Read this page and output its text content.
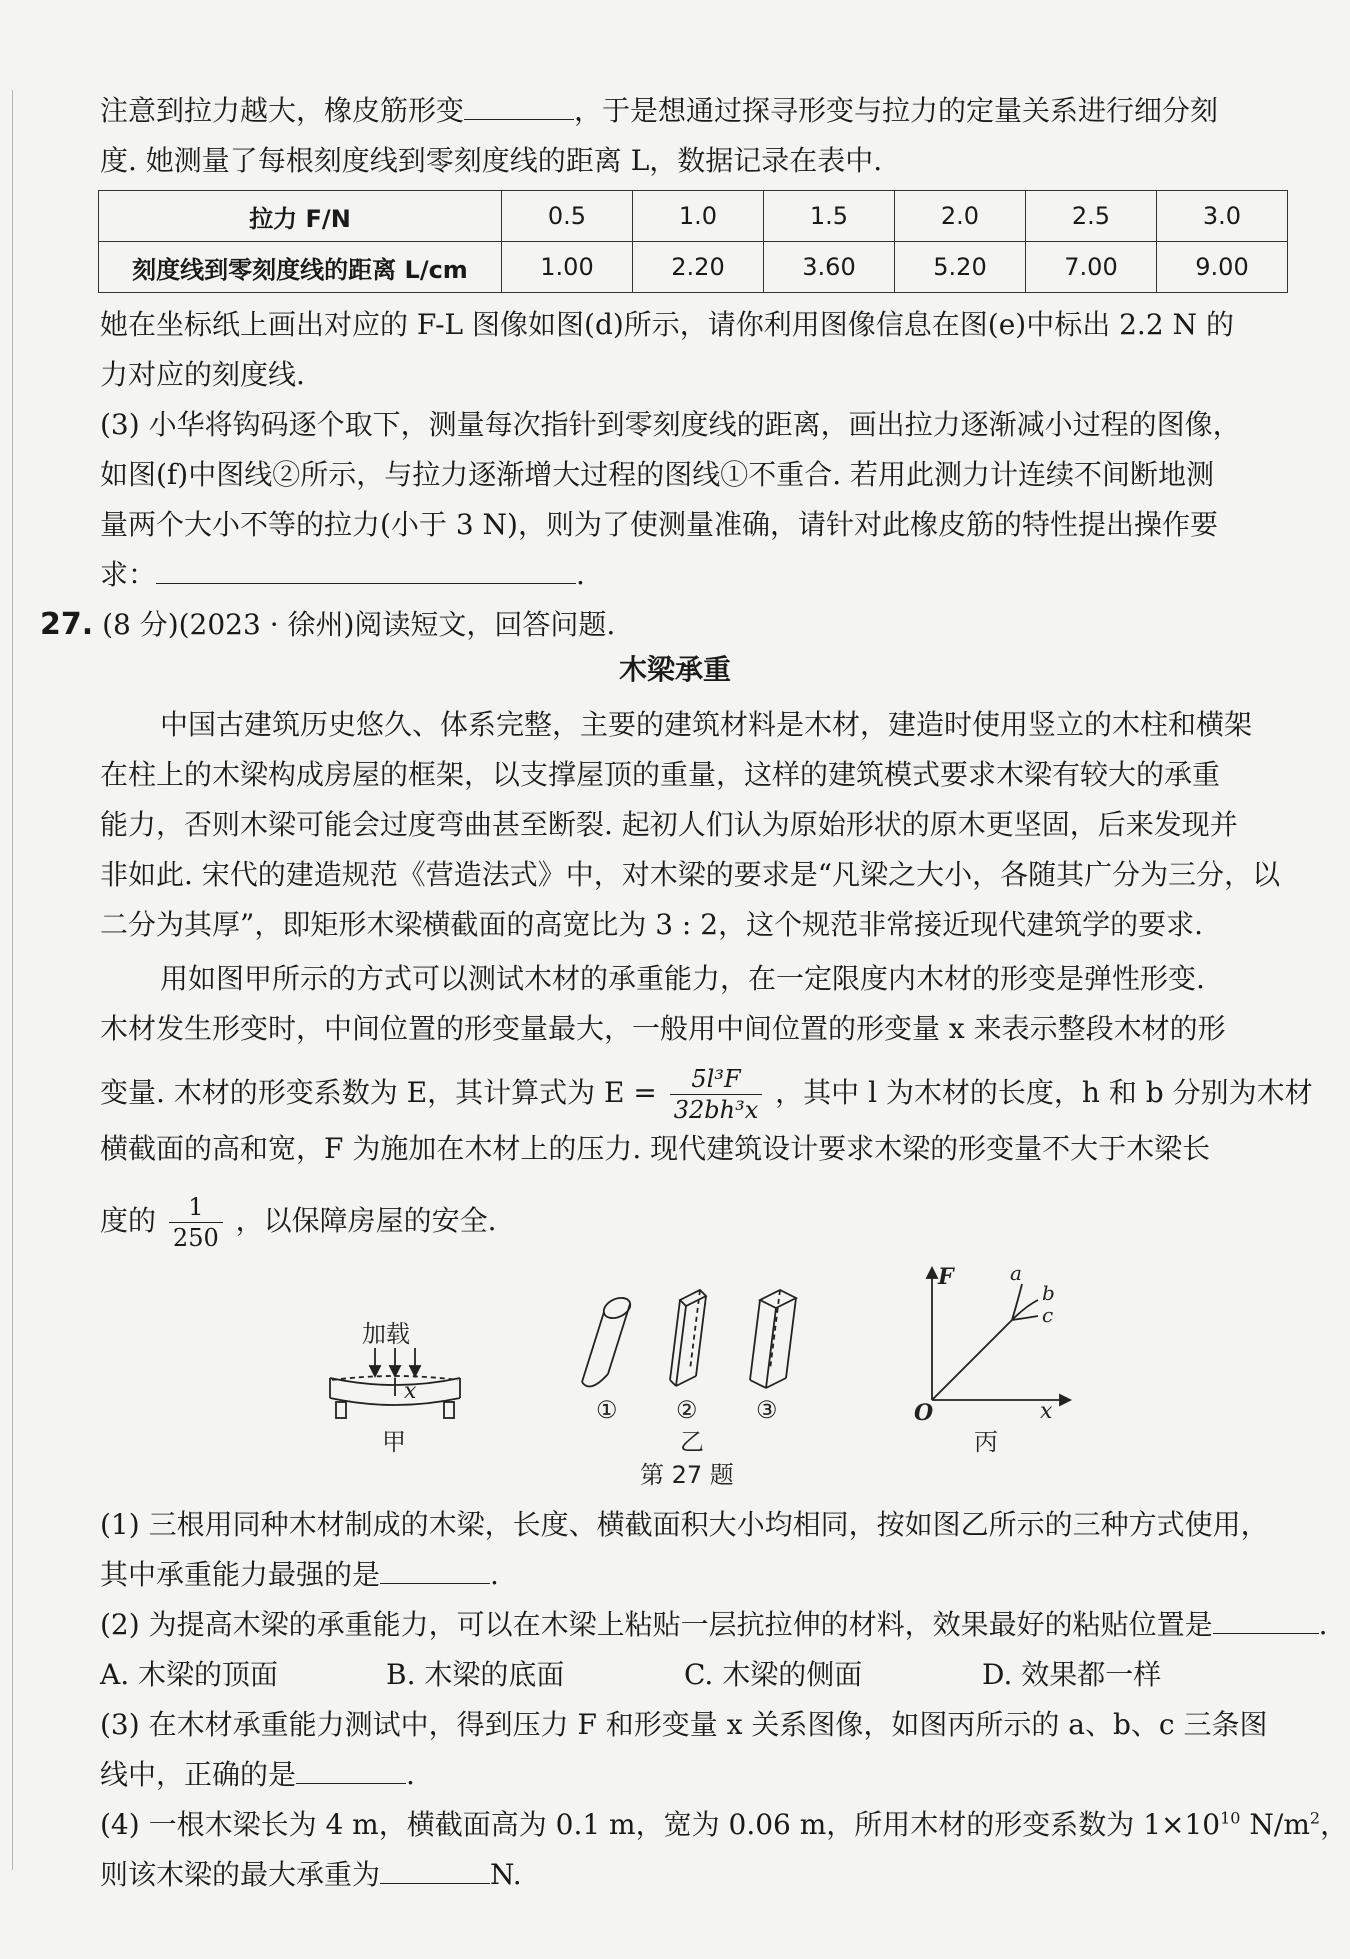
注意到拉力越大，橡皮筋形变	，于是想通过探寻形变与拉力的定量关系进行细分刻
度. 她测量了每根刻度线到零刻度线的距离 L，数据记录在表中.
拉力 F/N	0.5	1.0	1.5	2.0	2.5	3.0
刻度线到零刻度线的距离 L/cm	1.00	2.20	3.60	5.20	7.00	9.00
她在坐标纸上画出对应的 F-L 图像如图(d)所示，请你利用图像信息在图(e)中标出 2.2 N 的
力对应的刻度线.
(3) 小华将钩码逐个取下，测量每次指针到零刻度线的距离，画出拉力逐渐减小过程的图像，
如图(f)中图线②所示，与拉力逐渐增大过程的图线①不重合. 若用此测力计连续不间断地测
量两个大小不等的拉力(小于 3 N)，则为了使测量准确，请针对此橡皮筋的特性提出操作要
求：	.
27. (8 分)(2023 · 徐州)阅读短文，回答问题.
木梁承重
中国古建筑历史悠久、体系完整，主要的建筑材料是木材，建造时使用竖立的木柱和横架
在柱上的木梁构成房屋的框架，以支撑屋顶的重量，这样的建筑模式要求木梁有较大的承重
能力，否则木梁可能会过度弯曲甚至断裂. 起初人们认为原始形状的原木更坚固，后来发现并
非如此. 宋代的建造规范《营造法式》中，对木梁的要求是“凡梁之大小，各随其广分为三分，以
二分为其厚”，即矩形木梁横截面的高宽比为 3 : 2，这个规范非常接近现代建筑学的要求.
用如图甲所示的方式可以测试木材的承重能力，在一定限度内木材的形变是弹性形变.
木材发生形变时，中间位置的形变量最大，一般用中间位置的形变量 x 来表示整段木材的形
变量. 木材的形变系数为 E，其计算式为 $E = \frac{\text{5l³F}}{\text{32bh³x}}$ ，其中 l 为木材的长度，h 和 b 分别为木材
横截面的高和宽，F 为施加在木材上的压力. 现代建筑设计要求木梁的形变量不大于木梁长
度的 $\frac{1}{250}$ ，以保障房屋的安全.
加载
x
甲
① ② ③
乙
F
O	x
a
b
c
丙
第 27 题
(1) 三根用同种木材制成的木梁，长度、横截面积大小均相同，按如图乙所示的三种方式使用，
其中承重能力最强的是	.
(2) 为提高木梁的承重能力，可以在木梁上粘贴一层抗拉伸的材料，效果最好的粘贴位置是	.
A. 木梁的顶面	B. 木梁的底面	C. 木梁的侧面	D. 效果都一样
(3) 在木材承重能力测试中，得到压力 F 和形变量 x 关系图像，如图丙所示的 a、b、c 三条图
线中，正确的是	.
(4) 一根木梁长为 4 m，横截面高为 0.1 m，宽为 0.06 m，所用木材的形变系数为 $1\times 10^{10}$ $N/m^2$，
则该木梁的最大承重为	N.
